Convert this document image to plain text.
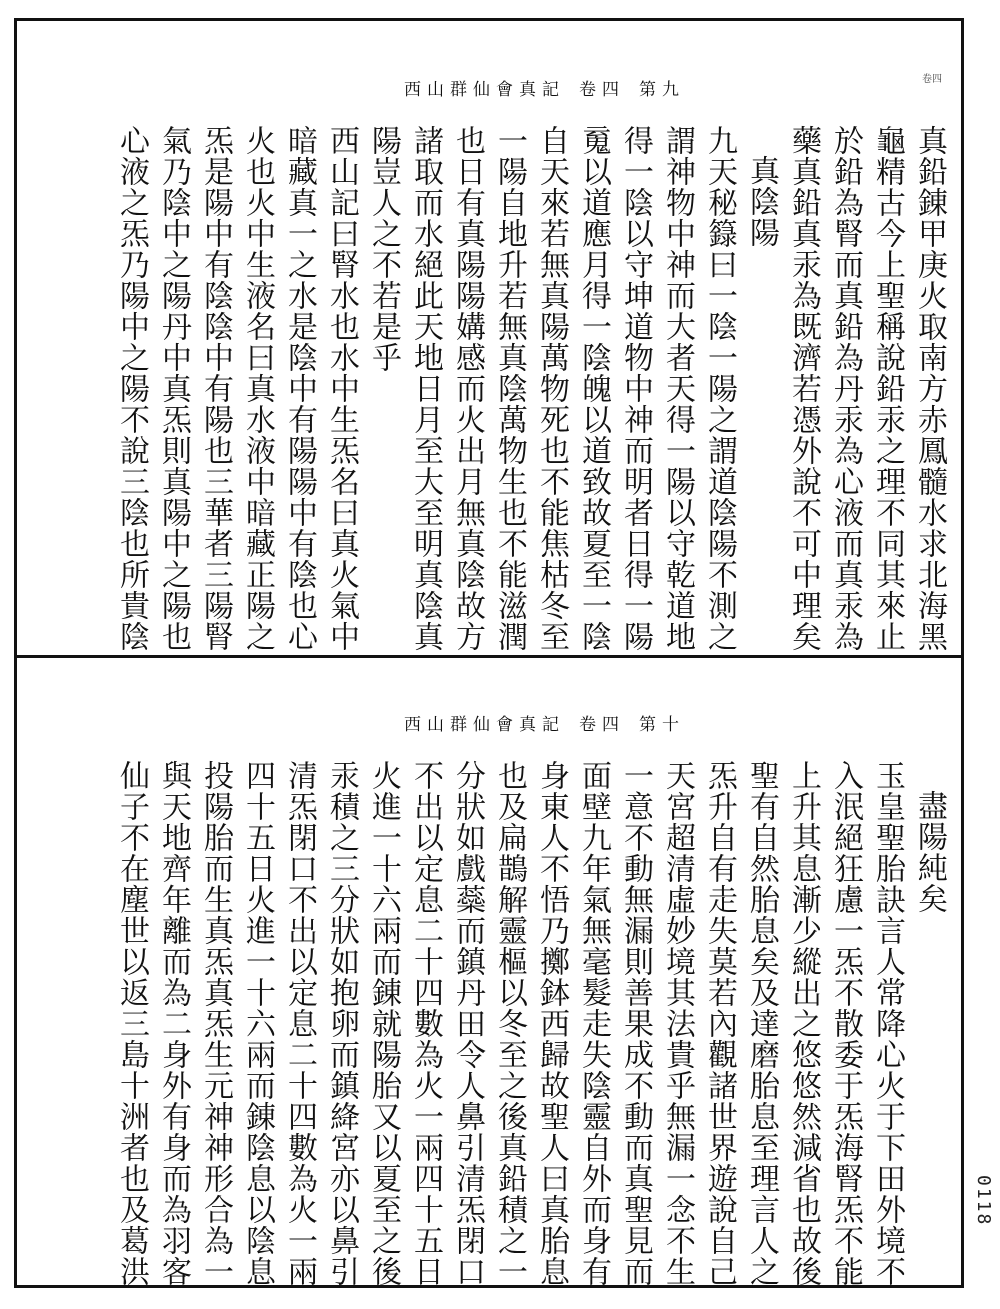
卷四
西山群仙會真記 卷四 第九
真鉛錬甲庚火取南方赤鳳髓水求北海黑
龜精古今上聖稱說鉛汞之理不同其來止
於鉛為腎而真鉛為丹汞為心液而真汞為
藥真鉛真汞為既濟若憑外說不可中理矣
真陰陽
九天秘籙曰一陰一陽之謂道陰陽不測之
謂神物中神而大者天得一陽以守乾道地
得一陰以守坤道物中神而明者日得一陽
䰟以道應月得一陰魄以道致故夏至一陰
自天來若無真陽萬物死也不能焦枯冬至
一陽自地升若無真陰萬物生也不能滋潤
也日有真陽陽媾感而火出月無真陰故方
諸取而水絕此天地日月至大至明真陰真
陽豈人之不若是乎
西山記曰腎水也水中生炁名曰真火氣中
暗藏真一之水是陰中有陽陽中有陰也心
火也火中生液名曰真水液中暗藏正陽之
炁是陽中有陰陰中有陽也三華者三陽腎
氣乃陰中之陽丹中真炁則真陽中之陽也
心液之炁乃陽中之陽不說三陰也所貴陰
西山群仙會真記 卷四 第十
盡陽純矣
玉皇聖胎訣言人常降心火于下田外境不
入泯絕狂慮一炁不散委于炁海腎炁不能
上升其息漸少縱出之悠悠然減省也故後
聖有自然胎息矣及達磨胎息至理言人之
炁升自有走失莫若內觀諸世界遊說自己
天宮超清虛妙境其法貴乎無漏一念不生
一意不動無漏則善果成不動而真聖見而
面壁九年氣無毫髮走失陰靈自外而身有
身東人不悟乃擲鉢西歸故聖人曰真胎息
也及扁鵲解靈樞以冬至之後真鉛積之一
分狀如戲蘂而鎮丹田令人鼻引清炁閉口
不出以定息二十四數為火一兩四十五日
火進一十六兩而錬就陽胎又以夏至之後
汞積之三分狀如抱卵而鎮絳宮亦以鼻引
清炁閉口不出以定息二十四數為火一兩
四十五日火進一十六兩而錬陰息以陰息
投陽胎而生真炁真炁生元神神形合為一
與天地齊年離而為二身外有身而為羽客
仙子不在塵世以返三島十洲者也及葛洪	0118
